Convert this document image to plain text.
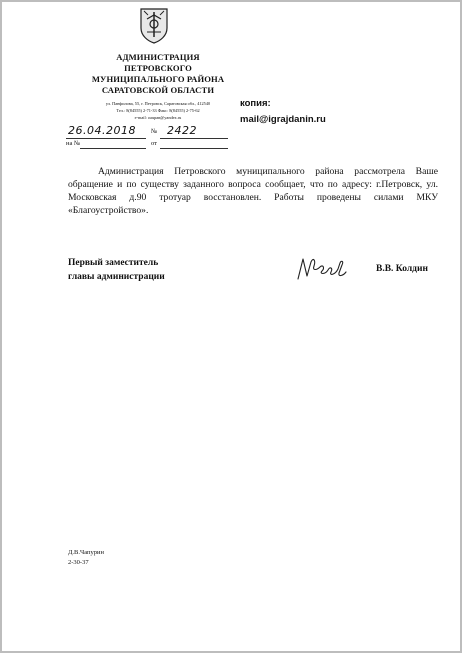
АДМИНИСТРАЦИЯ
ПЕТРОВСКОГО
МУНИЦИПАЛЬНОГО РАЙОНА
САРАТОВСКОЙ ОБЛАСТИ
ул. Панфилова, 55, г. Петровск, Саратовская обл., 412540
Тел.: 8(84555) 2-71-33 Факс: 8(84555) 2-75-62
e-mail: oaupan@yandex.ru
копия:
mail@igrajdanin.ru
26.04.2018 № 2422
на №	от

Администрация Петровского муниципального района рассмотрела Ваше обращение и по существу заданного вопроса сообщает, что по адресу: г.Петровск, ул. Московская д.90 тротуар восстановлен. Работы проведены силами МКУ «Благоустройство».

Первый заместитель
главы администрации
В.В. Колдин
Д.В.Чапурин
2-30-37
